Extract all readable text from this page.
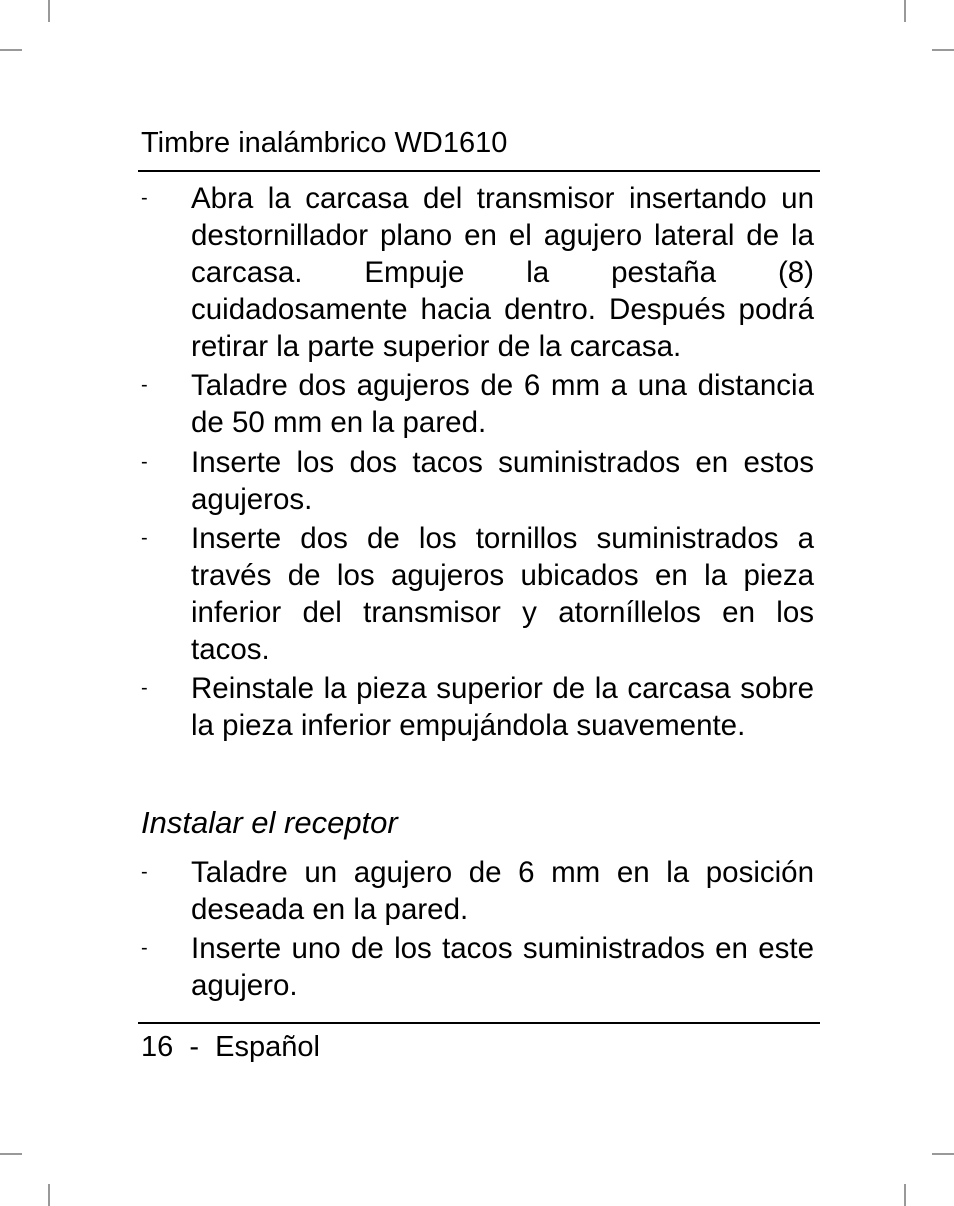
Timbre inalámbrico WD1610
- Abra la carcasa del transmisor insertando un destornillador plano en el agujero lateral de la carcasa. Empuje la pestaña (8) cuidadosamente hacia dentro. Después podrá retirar la parte superior de la carcasa.
- Taladre dos agujeros de 6 mm a una distancia de 50 mm en la pared.
- Inserte los dos tacos suministrados en estos agujeros.
- Inserte dos de los tornillos suministrados a través de los agujeros ubicados en la pieza inferior del transmisor y atorníllelos en los tacos.
- Reinstale la pieza superior de la carcasa sobre la pieza inferior empujándola suavemente.
Instalar el receptor
- Taladre un agujero de 6 mm en la posición deseada en la pared.
- Inserte uno de los tacos suministrados en este agujero.
16  -  Español
